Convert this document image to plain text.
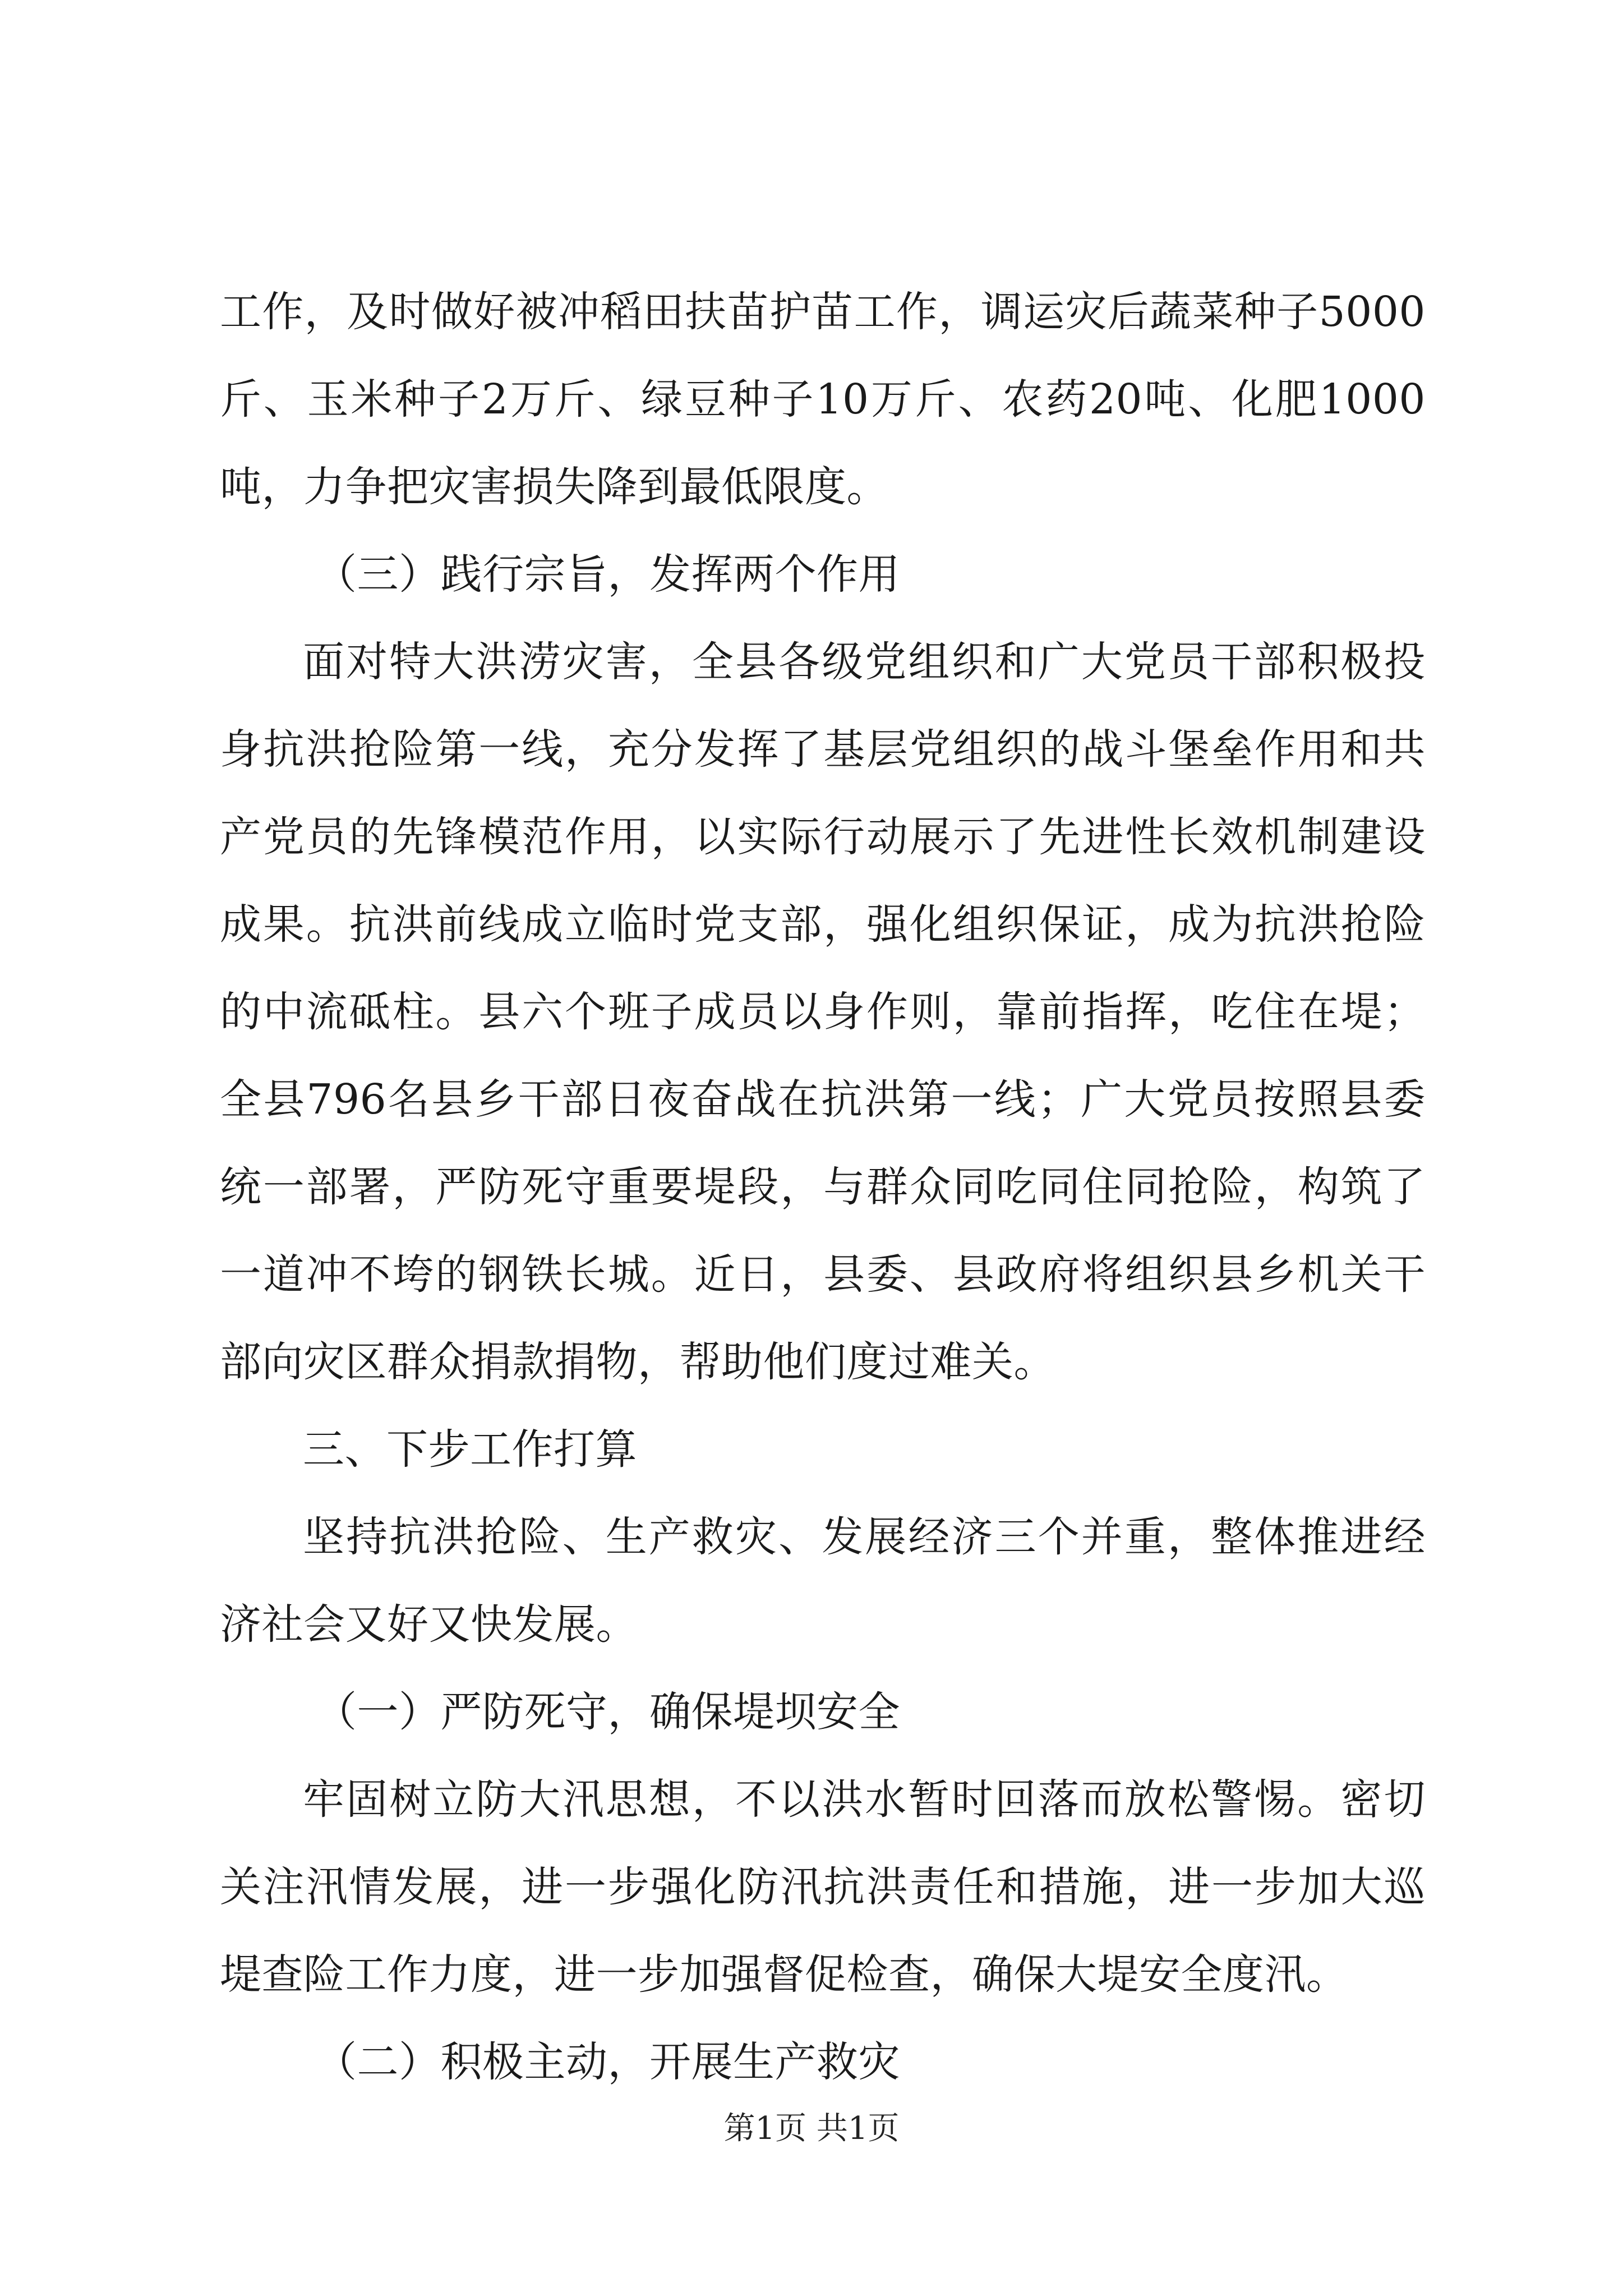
工作，及时做好被冲稻田扶苗护苗工作，调运灾后蔬菜种子5000
斤、玉米种子2万斤、绿豆种子10万斤、农药20吨、化肥1000
吨，力争把灾害损失降到最低限度。
（三）践行宗旨，发挥两个作用
面对特大洪涝灾害，全县各级党组织和广大党员干部积极投
身抗洪抢险第一线，充分发挥了基层党组织的战斗堡垒作用和共
产党员的先锋模范作用，以实际行动展示了先进性长效机制建设
成果。抗洪前线成立临时党支部，强化组织保证，成为抗洪抢险
的中流砥柱。县六个班子成员以身作则，靠前指挥，吃住在堤；
全县796名县乡干部日夜奋战在抗洪第一线；广大党员按照县委
统一部署，严防死守重要堤段，与群众同吃同住同抢险，构筑了
一道冲不垮的钢铁长城。近日，县委、县政府将组织县乡机关干
部向灾区群众捐款捐物，帮助他们度过难关。
三、下步工作打算
坚持抗洪抢险、生产救灾、发展经济三个并重，整体推进经
济社会又好又快发展。
（一）严防死守，确保堤坝安全
牢固树立防大汛思想，不以洪水暂时回落而放松警惕。密切
关注汛情发展，进一步强化防汛抗洪责任和措施，进一步加大巡
堤查险工作力度，进一步加强督促检查，确保大堤安全度汛。
（二）积极主动，开展生产救灾
第1页 共1页
